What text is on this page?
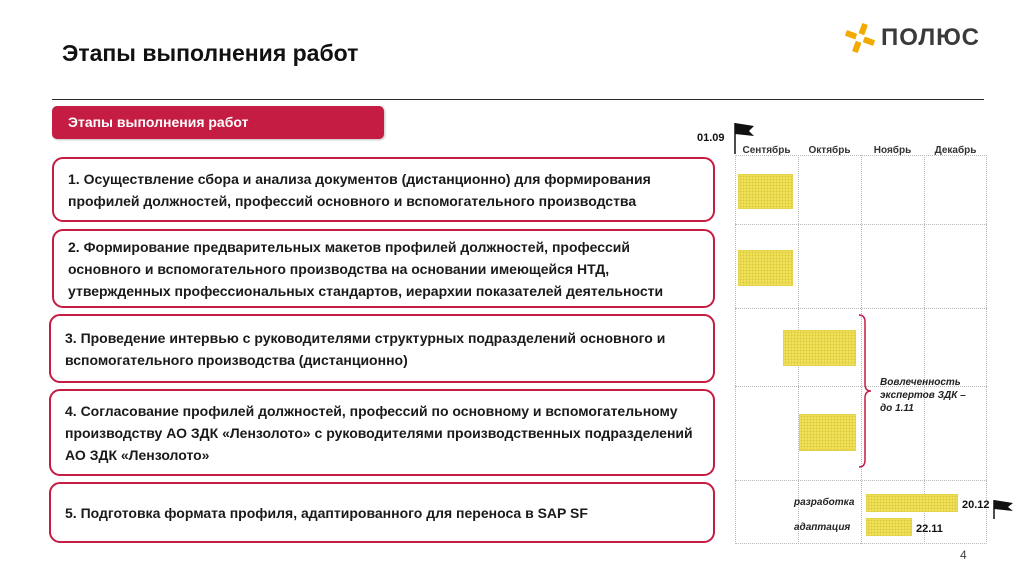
Этапы выполнения работ
ПОЛЮС
Этапы выполнения работ
1. Осуществление сбора и анализа документов (дистанционно) для формирования профилей должностей, профессий основного и вспомогательного производства
2. Формирование предварительных макетов профилей должностей, профессий основного и вспомогательного производства на основании имеющейся НТД, утвержденных профессиональных стандартов, иерархии показателей деятельности
3. Проведение интервью с руководителями структурных подразделений основного и вспомогательного производства (дистанционно)
4. Согласование профилей должностей, профессий по основному и вспомогательному производству АО ЗДК «Лензолото» с руководителями производственных подразделений АО ЗДК «Лензолото»
5. Подготовка формата профиля, адаптированного для переноса в SAP SF
01.09
Сентябрь	Октябрь	Ноябрь	Декабрь
Вовлеченность экспертов ЗДК – до 1.11
разработка	20.12
адаптация	22.11
4
